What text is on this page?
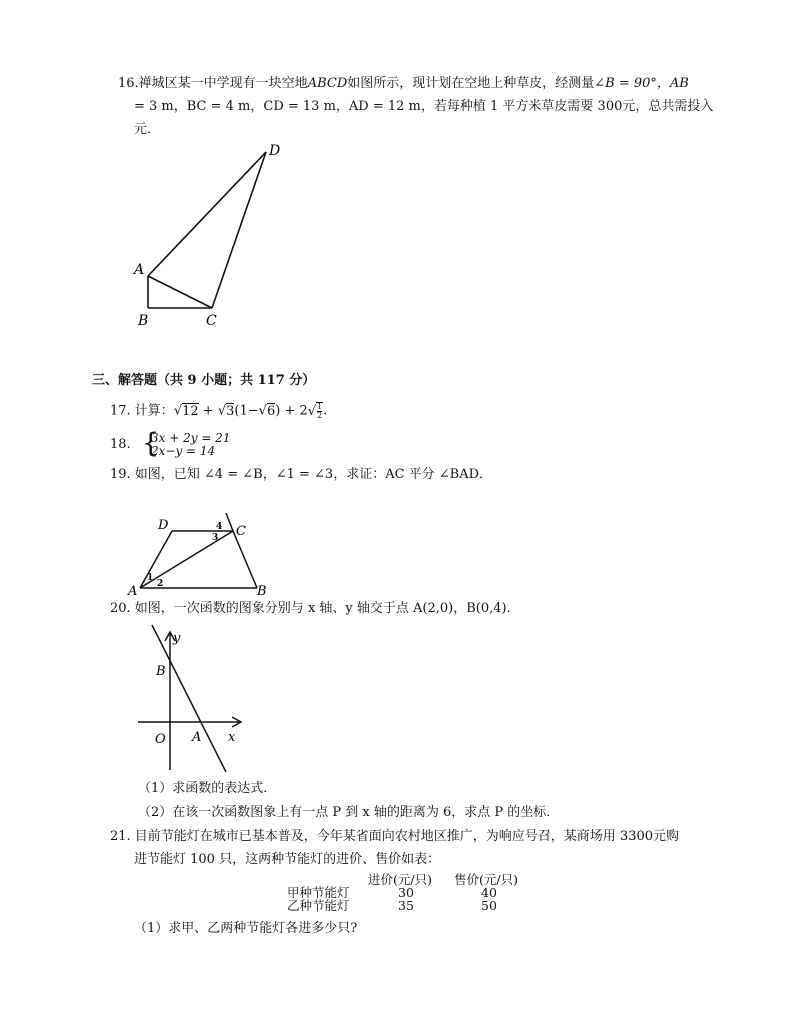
16.禅城区某一中学现有一块空地ABCD如图所示，现计划在空地上种草皮，经测量∠B = 90°，AB
= 3 m，BC = 4 m，CD = 13 m，AD = 12 m，若每种植 1 平方米草皮需要 300元，总共需投入
元．
D
A
B	C
三、解答题（共 9 小题；共 117 分）
17. 计算：$√12 + √3(1-√6) + 2√ \frac{1}{2}$ .
18. {
3x + 2y = 21
2x−y = 14
19. 如图，已知 ∠4 = ∠B，∠1 = ∠3，求证：AC 平分 ∠BAD．
D	C
A	B
4
3
1
2
20. 如图，一次函数的图象分别与 x 轴、y 轴交于点 A(2,0)，B(0,4)．
y
B
O A x
（1）求函数的表达式．
（2）在该一次函数图象上有一点 P 到 x 轴的距离为 6，求点 P 的坐标．
21. 目前节能灯在城市已基本普及，今年某省面向农村地区推广，为响应号召，某商场用 3300元购
进节能灯 100 只，这两种节能灯的进价、售价如表：
进价(元/只) 售价(元/只)
甲种节能灯	30	40
乙种节能灯	35	50
（1）求甲、乙两种节能灯各进多少只?
